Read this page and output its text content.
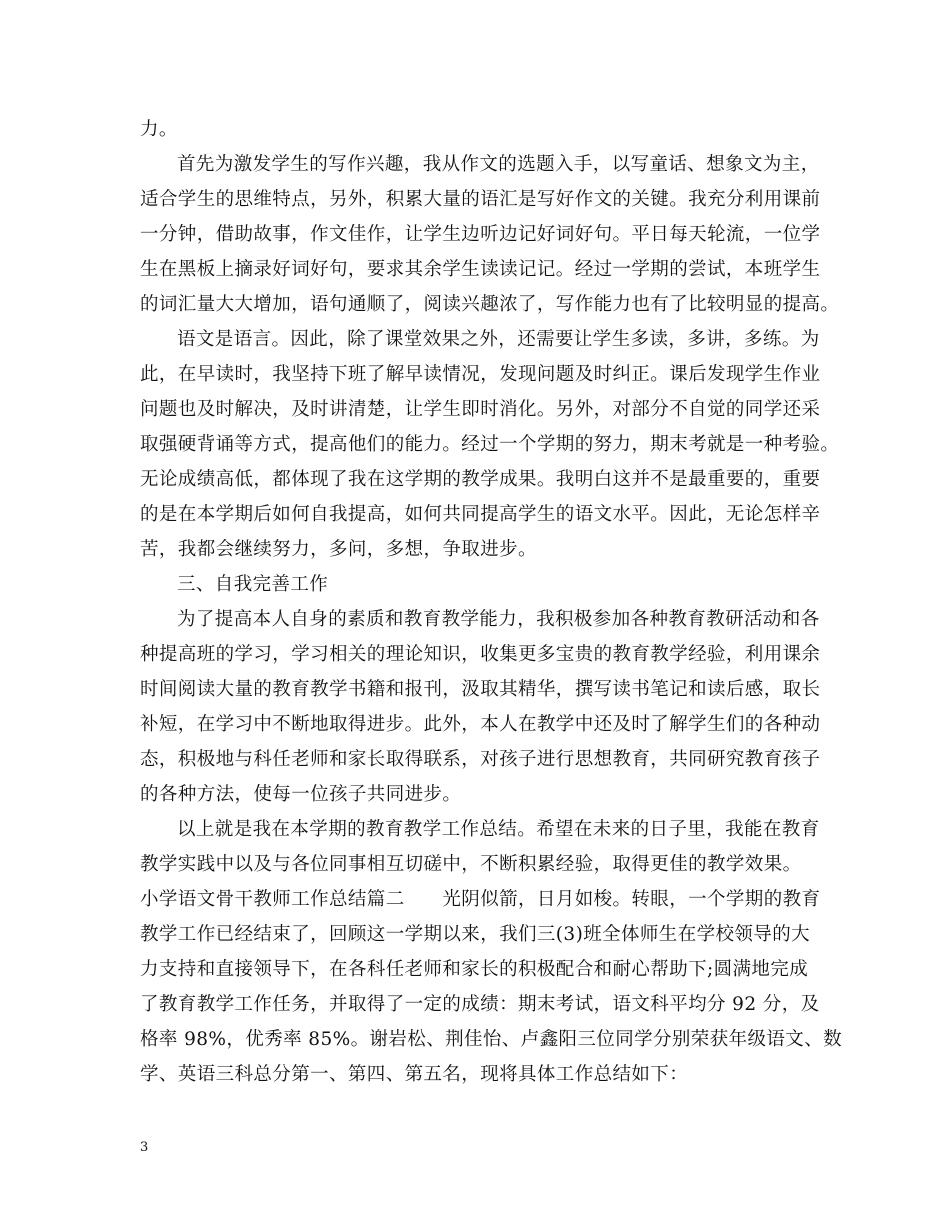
力。
首先为激发学生的写作兴趣，我从作文的选题入手，以写童话、想象文为主，
适合学生的思维特点，另外，积累大量的语汇是写好作文的关键。我充分利用课前
一分钟，借助故事，作文佳作，让学生边听边记好词好句。平日每天轮流，一位学
生在黑板上摘录好词好句，要求其余学生读读记记。经过一学期的尝试，本班学生
的词汇量大大增加，语句通顺了，阅读兴趣浓了，写作能力也有了比较明显的提高。
语文是语言。因此，除了课堂效果之外，还需要让学生多读，多讲，多练。为
此，在早读时，我坚持下班了解早读情况，发现问题及时纠正。课后发现学生作业
问题也及时解决，及时讲清楚，让学生即时消化。另外，对部分不自觉的同学还采
取强硬背诵等方式，提高他们的能力。经过一个学期的努力，期末考就是一种考验。
无论成绩高低，都体现了我在这学期的教学成果。我明白这并不是最重要的，重要
的是在本学期后如何自我提高，如何共同提高学生的语文水平。因此，无论怎样辛
苦，我都会继续努力，多问，多想，争取进步。
三、自我完善工作
为了提高本人自身的素质和教育教学能力，我积极参加各种教育教研活动和各
种提高班的学习，学习相关的理论知识，收集更多宝贵的教育教学经验，利用课余
时间阅读大量的教育教学书籍和报刊，汲取其精华，撰写读书笔记和读后感，取长
补短，在学习中不断地取得进步。此外，本人在教学中还及时了解学生们的各种动
态，积极地与科任老师和家长取得联系，对孩子进行思想教育，共同研究教育孩子
的各种方法，使每一位孩子共同进步。
以上就是我在本学期的教育教学工作总结。希望在未来的日子里，我能在教育
教学实践中以及与各位同事相互切磋中，不断积累经验，取得更佳的教学效果。
小学语文骨干教师工作总结篇二　　光阴似箭，日月如梭。转眼，一个学期的教育
教学工作已经结束了，回顾这一学期以来，我们三(3)班全体师生在学校领导的大
力支持和直接领导下，在各科任老师和家长的积极配合和耐心帮助下;圆满地完成
了教育教学工作任务，并取得了一定的成绩：期末考试，语文科平均分 92 分，及
格率 98%，优秀率 85%。谢岩松、荆佳怡、卢鑫阳三位同学分别荣获年级语文、数
学、英语三科总分第一、第四、第五名，现将具体工作总结如下：
3
